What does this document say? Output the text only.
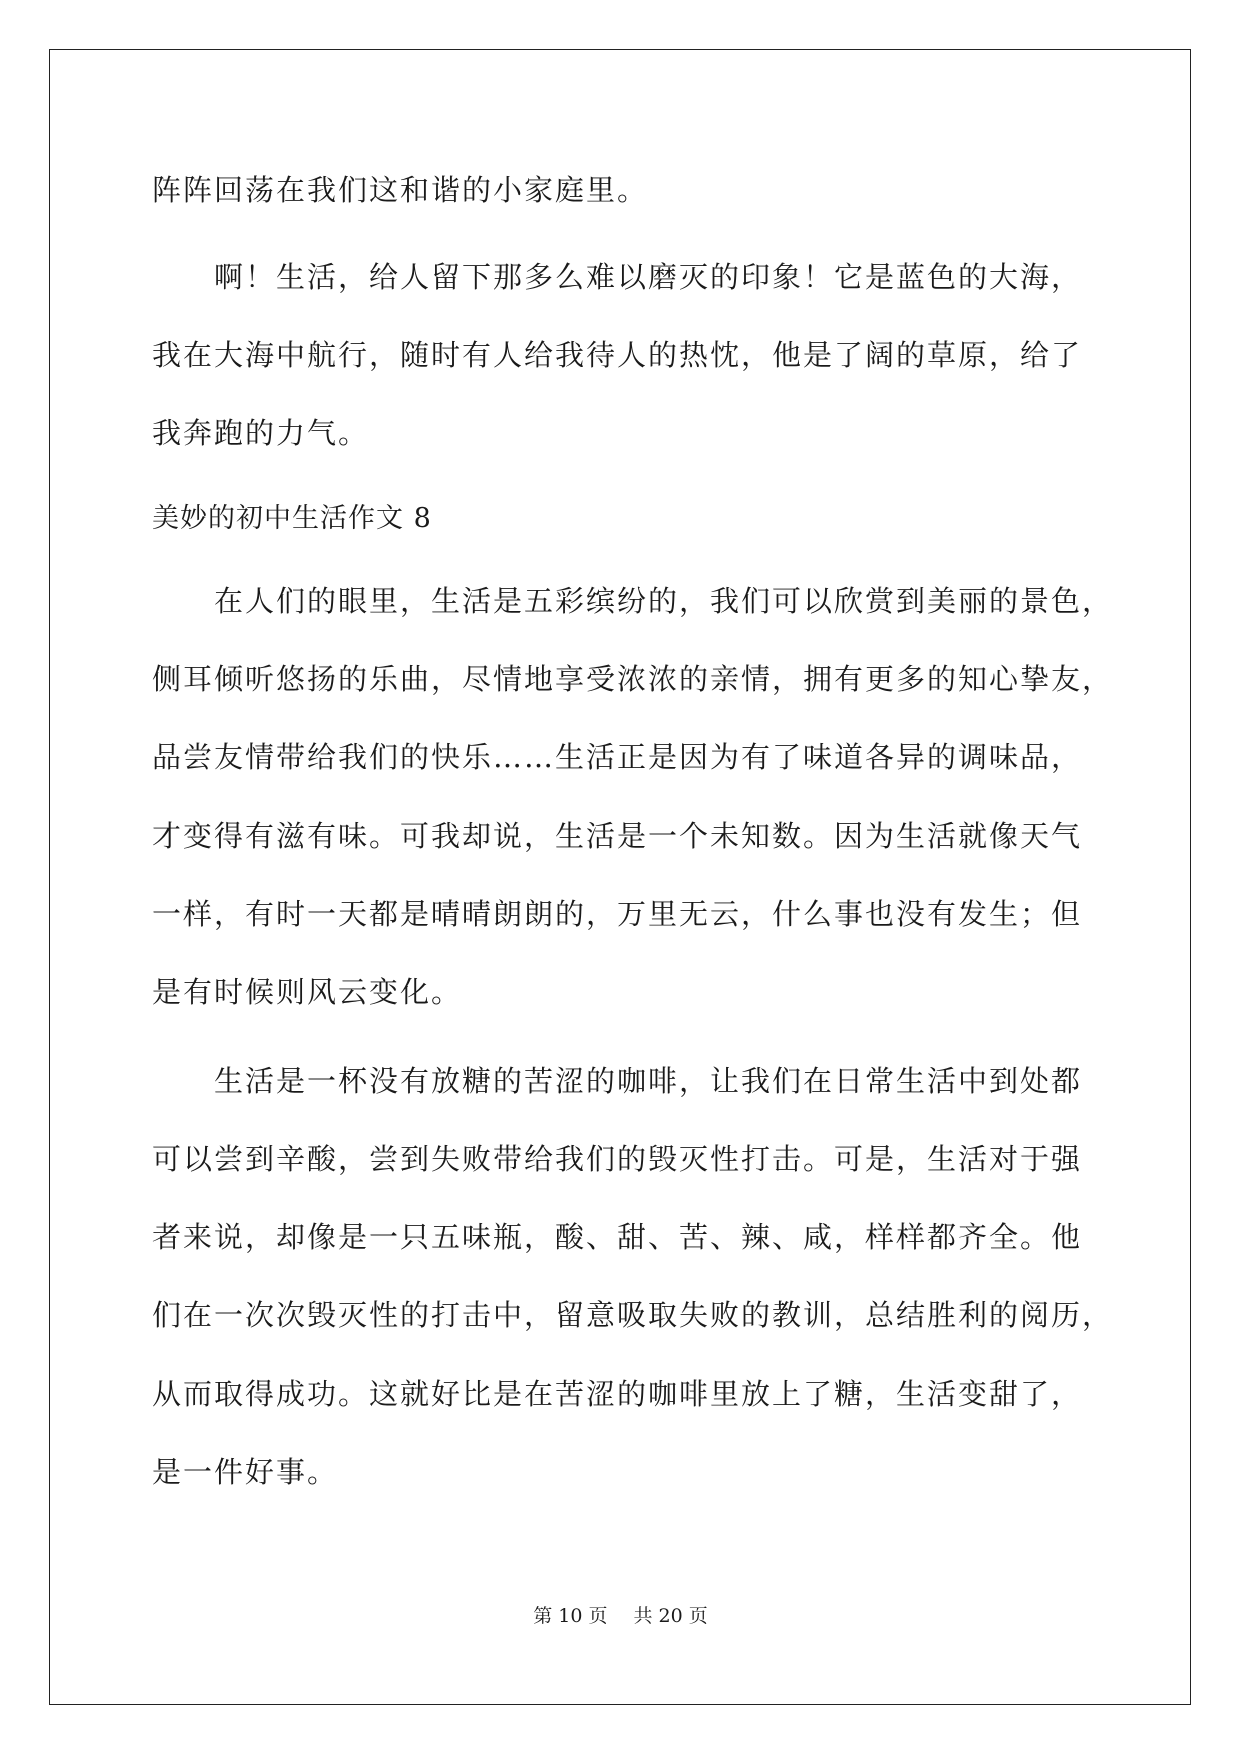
阵阵回荡在我们这和谐的小家庭里。
　　啊！生活，给人留下那多么难以磨灭的印象！它是蓝色的大海，
我在大海中航行，随时有人给我待人的热忱，他是了阔的草原，给了
我奔跑的力气。
美妙的初中生活作文 8
　　在人们的眼里，生活是五彩缤纷的，我们可以欣赏到美丽的景色，
侧耳倾听悠扬的乐曲，尽情地享受浓浓的亲情，拥有更多的知心挚友，
品尝友情带给我们的快乐……生活正是因为有了味道各异的调味品，
才变得有滋有味。可我却说，生活是一个未知数。因为生活就像天气
一样，有时一天都是晴晴朗朗的，万里无云，什么事也没有发生；但
是有时候则风云变化。
　　生活是一杯没有放糖的苦涩的咖啡，让我们在日常生活中到处都
可以尝到辛酸，尝到失败带给我们的毁灭性打击。可是，生活对于强
者来说，却像是一只五味瓶，酸、甜、苦、辣、咸，样样都齐全。他
们在一次次毁灭性的打击中，留意吸取失败的教训，总结胜利的阅历，
从而取得成功。这就好比是在苦涩的咖啡里放上了糖，生活变甜了，
是一件好事。
第 10 页 共 20 页
